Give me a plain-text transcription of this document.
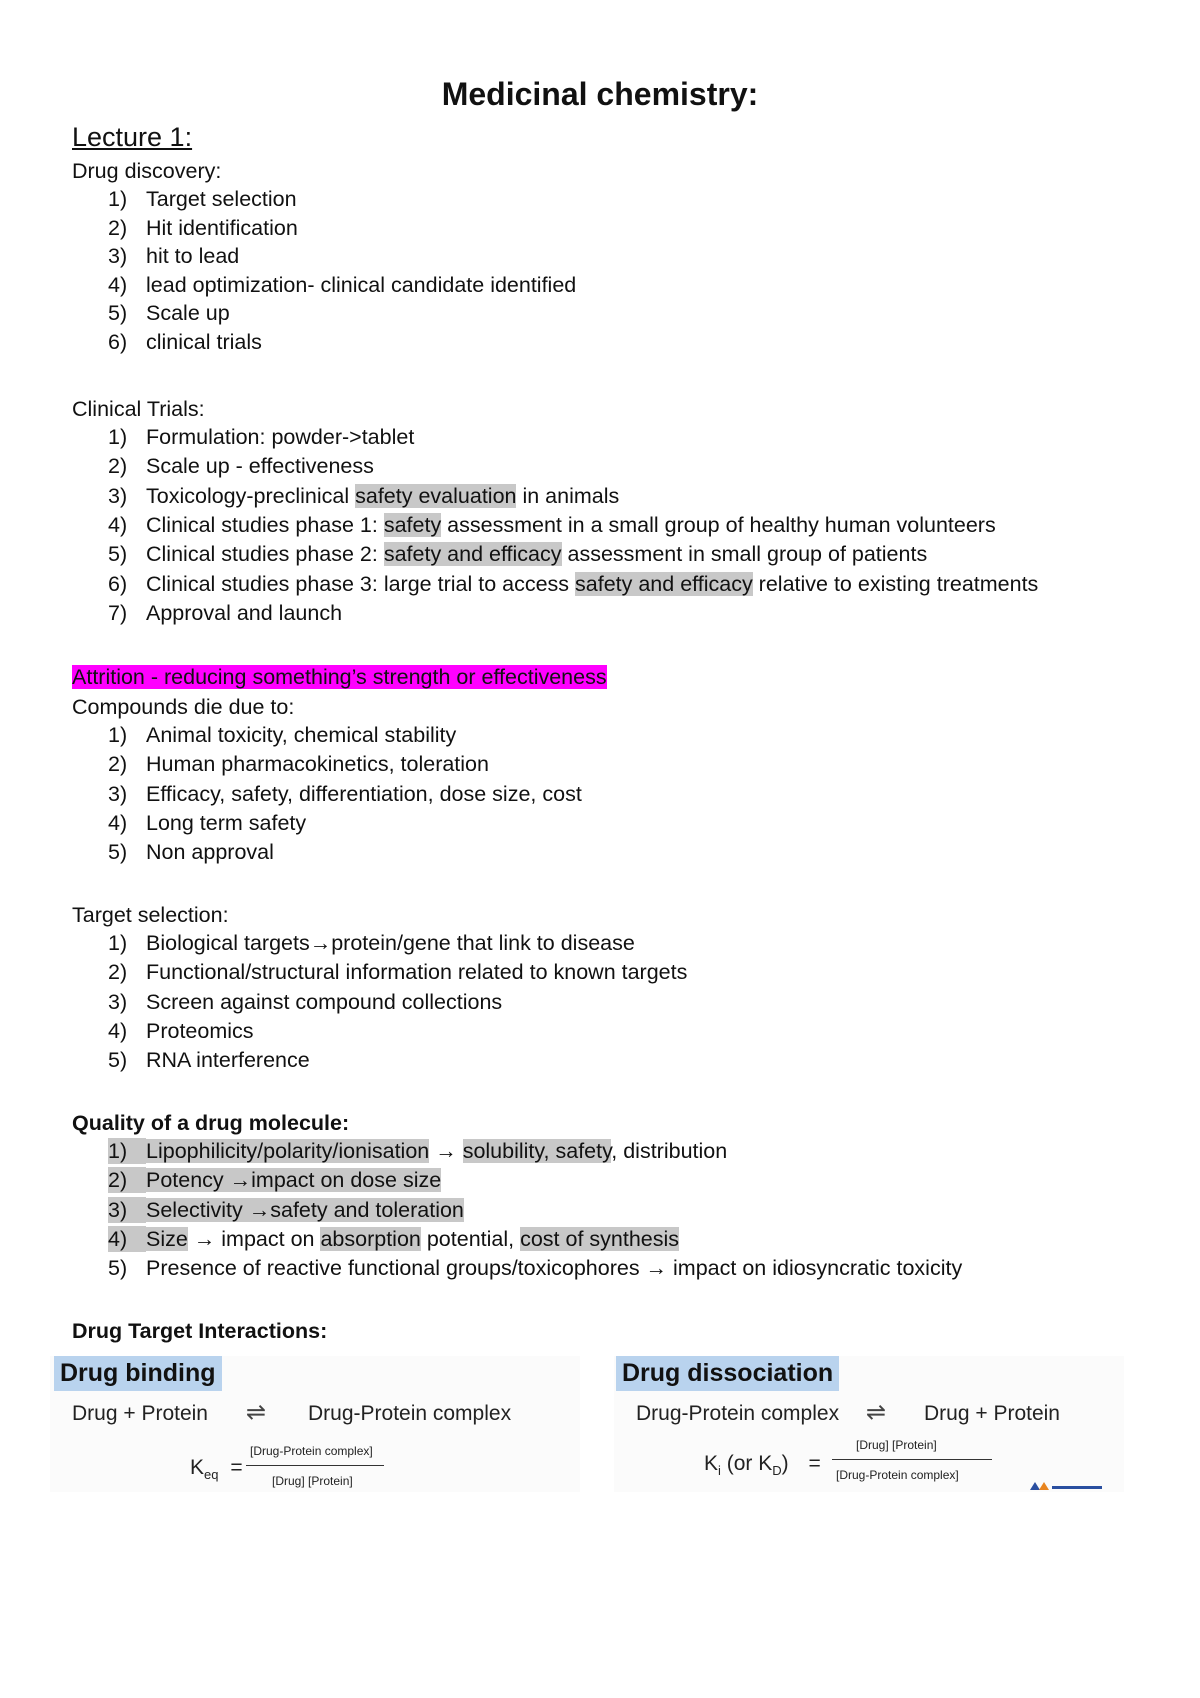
Medicinal chemistry:
Lecture 1:
Drug discovery:
1) Target selection
2) Hit identification
3) hit to lead
4) lead optimization- clinical candidate identified
5) Scale up
6) clinical trials
Clinical Trials:
1) Formulation: powder->tablet
2) Scale up - effectiveness
3) Toxicology-preclinical safety evaluation in animals
4) Clinical studies phase 1: safety assessment in a small group of healthy human volunteers
5) Clinical studies phase 2: safety and efficacy assessment in small group of patients
6) Clinical studies phase 3: large trial to access safety and efficacy relative to existing treatments
7) Approval and launch
Attrition - reducing something’s strength or effectiveness
Compounds die due to:
1) Animal toxicity, chemical stability
2) Human pharmacokinetics, toleration
3) Efficacy, safety, differentiation, dose size, cost
4) Long term safety
5) Non approval
Target selection:
1) Biological targets→protein/gene that link to disease
2) Functional/structural information related to known targets
3) Screen against compound collections
4) Proteomics
5) RNA interference
Quality of a drug molecule:
1) Lipophilicity/polarity/ionisation → solubility, safety, distribution
2) Potency →impact on dose size
3) Selectivity →safety and toleration
4) Size → impact on absorption potential, cost of synthesis
5) Presence of reactive functional groups/toxicophores → impact on idiosyncratic toxicity
Drug Target Interactions:
Drug binding
Drug + Protein ⇌ Drug-Protein complex
$K_{eq}$ =
[Drug-Protein complex]
[Drug] [Protein]
Drug dissociation
Drug-Protein complex ⇌ Drug + Protein
$K_i$ (or $K_D$) =
[Drug] [Protein]
[Drug-Protein complex]
